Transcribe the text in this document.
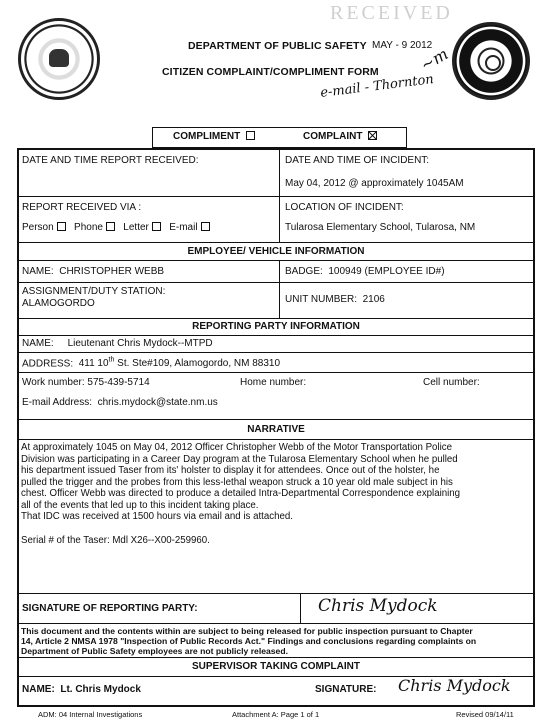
RECEIVED
MAY - 9 2012
DEPARTMENT OF PUBLIC SAFETY
CITIZEN COMPLAINT/COMPLIMENT FORM
e-mail - Thornton
~m
COMPLIMENT	COMPLAINT
DATE AND TIME REPORT RECEIVED:	DATE AND TIME OF INCIDENT:
May 04, 2012 @ approximately 1045AM
REPORT RECEIVED VIA :
Person Phone Letter E-mail
LOCATION OF INCIDENT:
Tularosa Elementary School, Tularosa, NM
EMPLOYEE/ VEHICLE INFORMATION
NAME: CHRISTOPHER WEBB	BADGE: 100949 (EMPLOYEE ID#)
ASSIGNMENT/DUTY STATION:
ALAMOGORDO	UNIT NUMBER: 2106
REPORTING PARTY INFORMATION
NAME: Lieutenant Chris Mydock--MTPD
ADDRESS: 411 10th St. Ste#109, Alamogordo, NM 88310
Work number: 575-439-5714	Home number:	Cell number:
E-mail Address: chris.mydock@state.nm.us
NARRATIVE
At approximately 1045 on May 04, 2012 Officer Christopher Webb of the Motor Transportation Police
Division was participating in a Career Day program at the Tularosa Elementary School when he pulled
his department issued Taser from its' holster to display it for attendees. Once out of the holster, he
pulled the trigger and the probes from this less-lethal weapon struck a 10 year old male subject in his
chest. Officer Webb was directed to produce a detailed Intra-Departmental Correspondence explaining
all of the events that led up to this incident taking place.
That IDC was received at 1500 hours via email and is attached.
Serial # of the Taser: Mdl X26--X00-259960.
SIGNATURE OF REPORTING PARTY:	Chris Mydock
This document and the contents within are subject to being released for public inspection pursuant to Chapter
14, Article 2 NMSA 1978 "Inspection of Public Records Act." Findings and conclusions regarding complaints on
Department of Public Safety employees are not publicly released.
SUPERVISOR TAKING COMPLAINT
NAME: Lt. Chris Mydock	SIGNATURE: Chris Mydock
ADM: 04 Internal Investigations	Attachment A: Page 1 of 1	Revised 09/14/11
